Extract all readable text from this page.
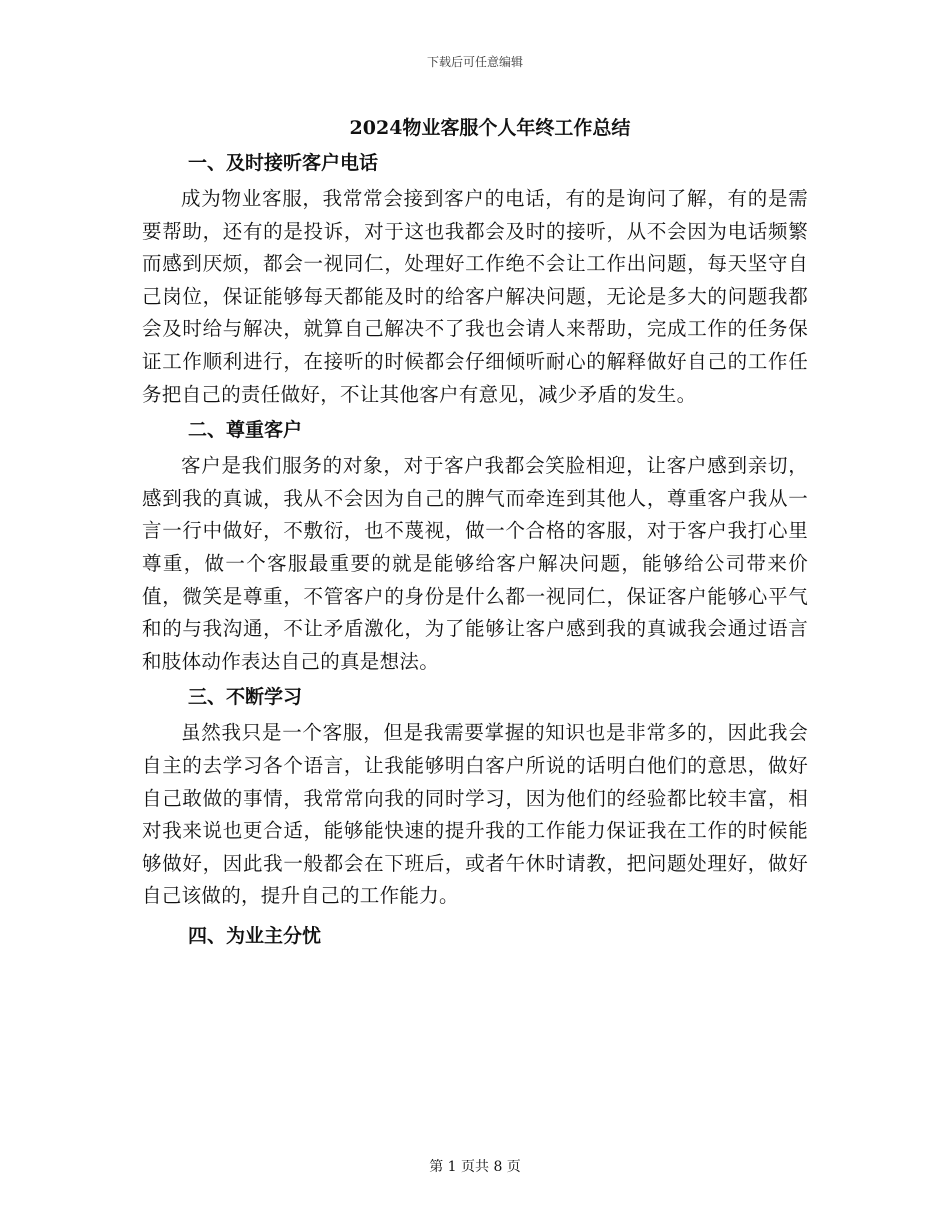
下载后可任意编辑
2024物业客服个人年终工作总结
一、及时接听客户电话

成为物业客服，我常常会接到客户的电话，有的是询问了解，有的是需要帮助，还有的是投诉，对于这也我都会及时的接听，从不会因为电话频繁而感到厌烦，都会一视同仁，处理好工作绝不会让工作出问题，每天坚守自己岗位，保证能够每天都能及时的给客户解决问题，无论是多大的问题我都会及时给与解决，就算自己解决不了我也会请人来帮助，完成工作的任务保证工作顺利进行，在接听的时候都会仔细倾听耐心的解释做好自己的工作任务把自己的责任做好，不让其他客户有意见，减少矛盾的发生。

二、尊重客户

客户是我们服务的对象，对于客户我都会笑脸相迎，让客户感到亲切，感到我的真诚，我从不会因为自己的脾气而牵连到其他人，尊重客户我从一言一行中做好，不敷衍，也不蔑视，做一个合格的客服，对于客户我打心里尊重，做一个客服最重要的就是能够给客户解决问题，能够给公司带来价值，微笑是尊重，不管客户的身份是什么都一视同仁，保证客户能够心平气和的与我沟通，不让矛盾激化，为了能够让客户感到我的真诚我会通过语言和肢体动作表达自己的真是想法。

三、不断学习

虽然我只是一个客服，但是我需要掌握的知识也是非常多的，因此我会自主的去学习各个语言，让我能够明白客户所说的话明白他们的意思，做好自己敢做的事情，我常常向我的同时学习，因为他们的经验都比较丰富，相对我来说也更合适，能够能快速的提升我的工作能力保证我在工作的时候能够做好，因此我一般都会在下班后，或者午休时请教，把问题处理好，做好自己该做的，提升自己的工作能力。

四、为业主分忧
第 1 页共 8 页
